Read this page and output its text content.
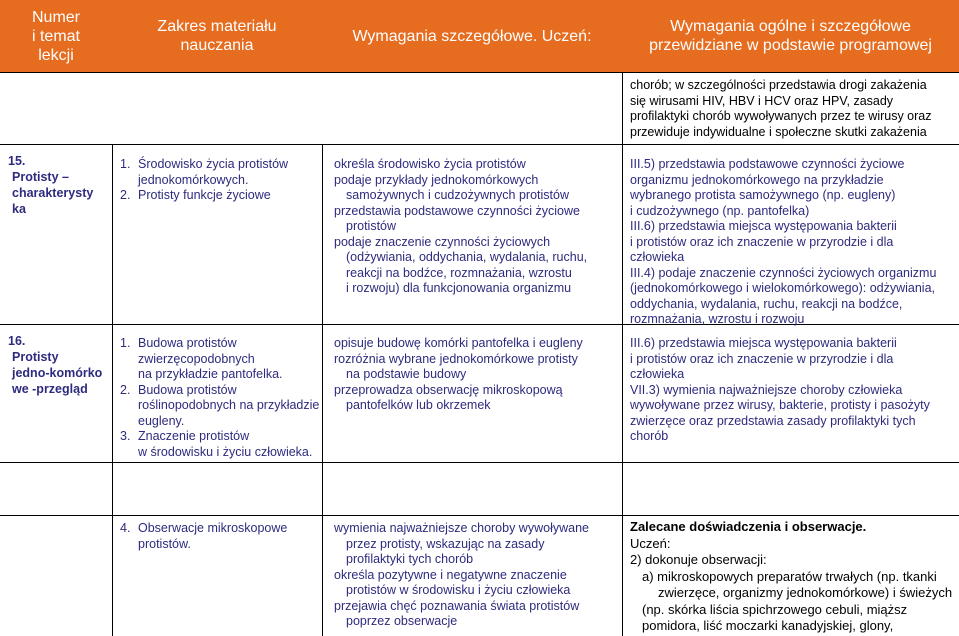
Numer
i temat
lekcji
Zakres materiału
nauczania
Wymagania szczegółowe. Uczeń:
Wymagania ogólne i szczegółowe
przewidziane w podstawie programowej
chorób; w szczególności przedstawia drogi zakażenia
się wirusami HIV, HBV i HCV oraz HPV, zasady
profilaktyki chorób wywoływanych przez te wirusy oraz
przewiduje indywidualne i społeczne skutki zakażenia
15.
Protisty –
charakterysty
ka
1. Środowisko życia protistów
jednokomórkowych.
2. Protisty funkcje życiowe
określa środowisko życia protistów
podaje przykłady jednokomórkowych
samożywnych i cudzożywnych protistów
przedstawia podstawowe czynności życiowe
protistów
podaje znaczenie czynności życiowych
(odżywiania, oddychania, wydalania, ruchu,
reakcji na bodźce, rozmnażania, wzrostu
i rozwoju) dla funkcjonowania organizmu
III.5) przedstawia podstawowe czynności życiowe
organizmu jednokomórkowego na przykładzie
wybranego protista samożywnego (np. eugleny)
i cudzożywnego (np. pantofelka)
III.6) przedstawia miejsca występowania bakterii
i protistów oraz ich znaczenie w przyrodzie i dla
człowieka
III.4) podaje znaczenie czynności życiowych organizmu
(jednokomórkowego i wielokomórkowego): odżywiania,
oddychania, wydalania, ruchu, reakcji na bodźce,
rozmnażania, wzrostu i rozwoju
16.
Protisty
jedno-komórko
we -przegląd
1. Budowa protistów
zwierzęcopodobnych
na przykładzie pantofelka.
2. Budowa protistów
roślinopodobnych na przykładzie
eugleny.
3. Znaczenie protistów
w środowisku i życiu człowieka.
opisuje budowę komórki pantofelka i eugleny
rozróżnia wybrane jednokomórkowe protisty
na podstawie budowy
przeprowadza obserwację mikroskopową
pantofelków lub okrzemek
III.6) przedstawia miejsca występowania bakterii
i protistów oraz ich znaczenie w przyrodzie i dla
człowieka
VII.3) wymienia najważniejsze choroby człowieka
wywoływane przez wirusy, bakterie, protisty i pasożyty
zwierzęce oraz przedstawia zasady profilaktyki tych
chorób
4. Obserwacje mikroskopowe
protistów.
wymienia najważniejsze choroby wywoływane
przez protisty, wskazując na zasady
profilaktyki tych chorób
określa pozytywne i negatywne znaczenie
protistów w środowisku i życiu człowieka
przejawia chęć poznawania świata protistów
poprzez obserwacje
Zalecane doświadczenia i obserwacje.
Uczeń:
2) dokonuje obserwacji:
a) mikroskopowych preparatów trwałych (np. tkanki
zwierzęce, organizmy jednokomórkowe) i świeżych
(np. skórka liścia spichrzowego cebuli, miąższ
pomidora, liść moczarki kanadyjskiej, glony,
